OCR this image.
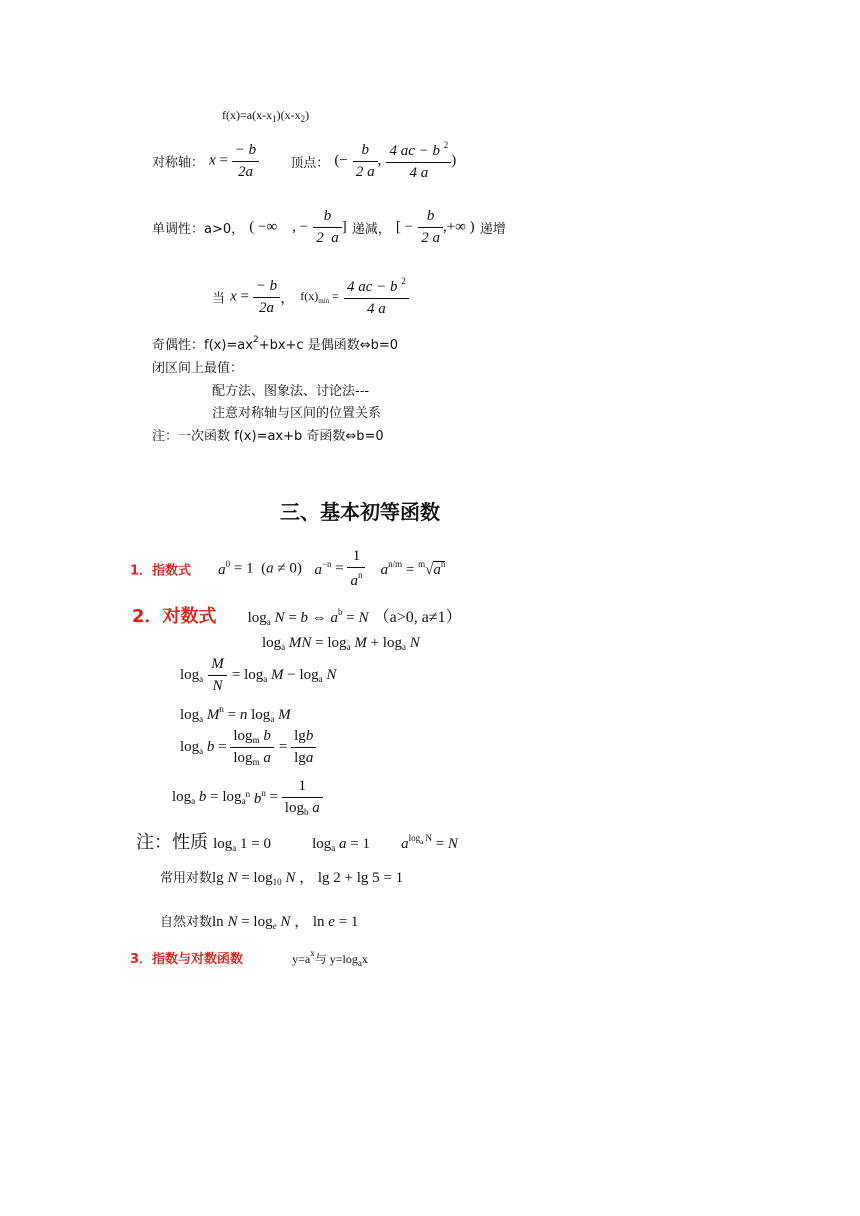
$f(x)=a(x-x_1)(x-x_2)$
对称轴： $x = \frac{- b}{2a}$ 顶点： (− $\frac{b}{2 a}$ , $\frac{4 ac - b ^2}{4 a}$ )
单调性：a>0， ( −∞    , − $\frac{b}{2 a}$ ] 递减， [ − $\frac{b}{2 a}$ ,+∞ ) 递增
当 $x = \frac{- b}{2a}$ ， $f(x)_{min} = \frac{4 ac - b ^2}{4 a}$
奇偶性：$f(x)=ax^2+bx+c$ 是偶函数⇔b=0
闭区间上最值：
配方法、图象法、讨论法---
注意对称轴与区间的位置关系
注：一次函数 f(x)=ax+b 奇函数⇔b=0
三、基本初等函数
1．指数式 $a^0 = 1$  (a ≠ 0)   $a^{-n} = \frac{1}{a^n} a^{n/m} = ^m√a^n$
2．对数式 $\log_a N = b$ ⇔ $a^b = N$ （a>0, a≠1）
$\log_a$ MN = $\log_a M + \log_a N$
$\log_a \frac{M}{N} = \log_a M - \log_a N$
$\log_a M^n = n$ $\log_a M$
$\log_a b = \frac{\log_m b}{\log_m a} = \frac{\lg b}{\lg a}$
$\log_a b = \log_{a^n} b^n = \frac{1}{\log_b a}$
注：性质 $\log_a 1 = 0$	$\log_a a = 1$ $a^{log_a N} = N$
常用对数$\lg N = \log_{10} N$ ， lg 2 + lg 5 = 1
自然对数$\ln N = \log_e N$ ， ln e = 1
3．指数与对数函数	$y=a^x$与 $y=\log_ax$
